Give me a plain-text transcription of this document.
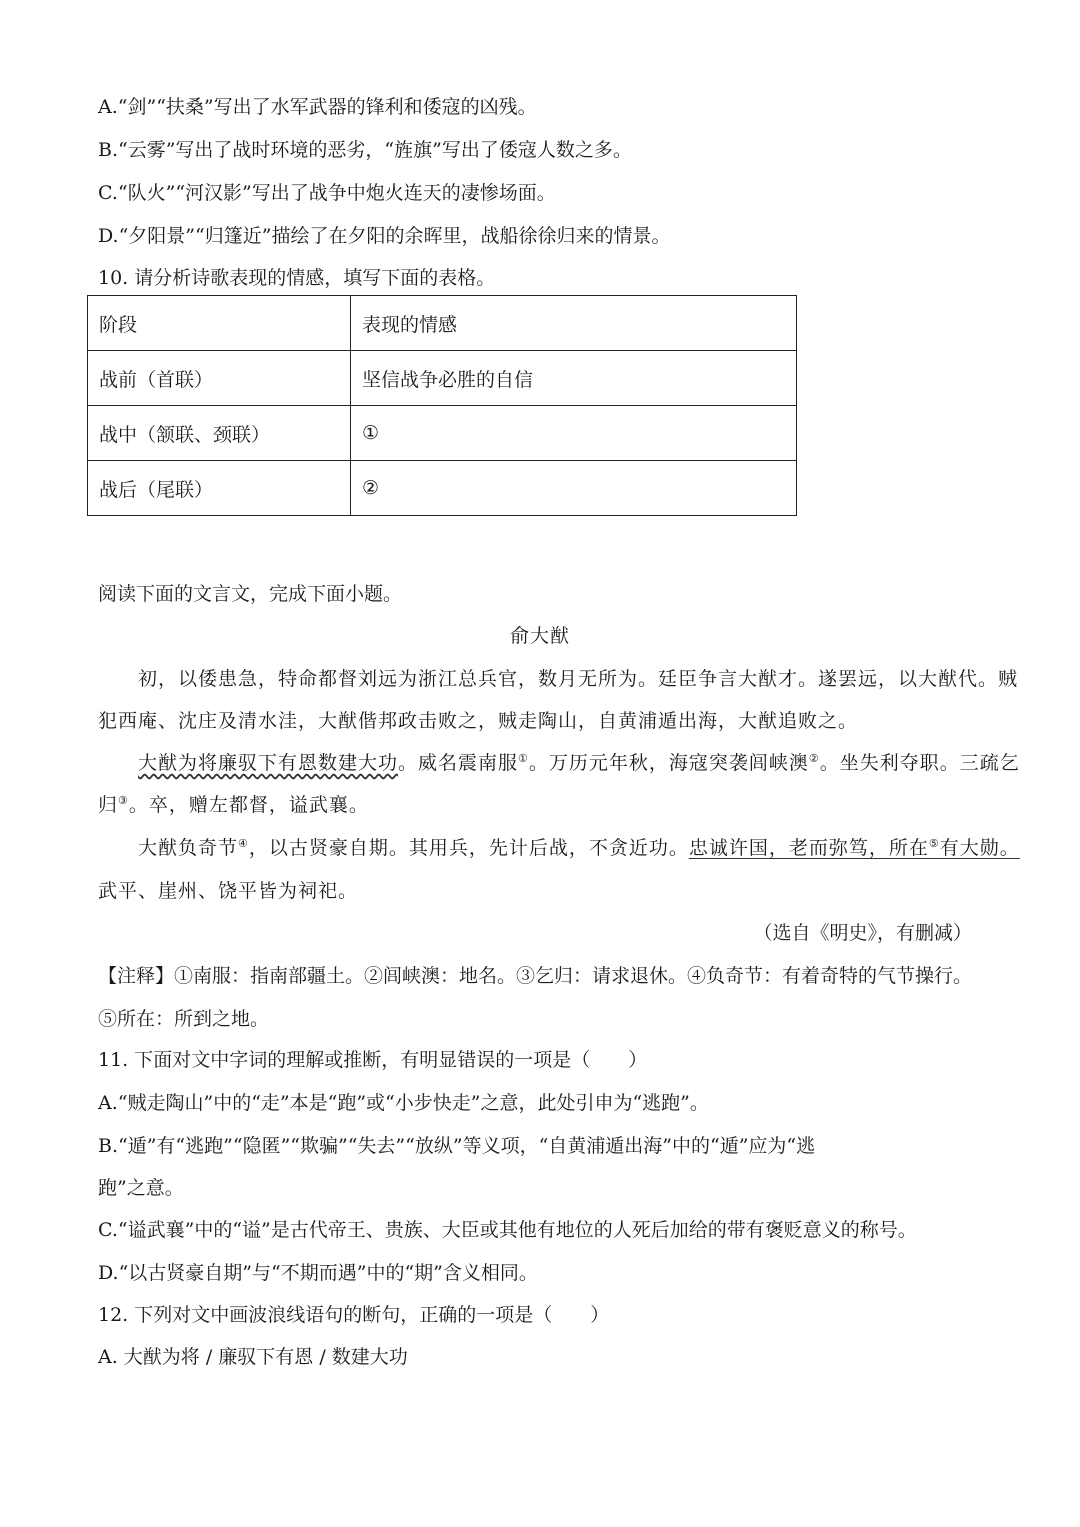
A.“剑”“扶桑”写出了水军武器的锋利和倭寇的凶残。
B.“云雾”写出了战时环境的恶劣，“旌旗”写出了倭寇人数之多。
C.“队火”“河汉影”写出了战争中炮火连天的凄惨场面。
D.“夕阳景”“归篷近”描绘了在夕阳的余晖里，战船徐徐归来的情景。
10. 请分析诗歌表现的情感，填写下面的表格。
阶段	表现的情感
战前（首联）	坚信战争必胜的自信
战中（颔联、颈联）	①
战后（尾联）	②
阅读下面的文言文，完成下面小题。
俞大猷
初，以倭患急，特命都督刘远为浙江总兵官，数月无所为。廷臣争言大猷才。遂罢远，以大猷代。贼
犯西庵、沈庄及清水洼，大猷偕邦政击败之，贼走陶山，自黄浦遁出海，大猷追败之。
大猷为将廉驭下有恩数建大功。威名震南服①。万历元年秋，海寇突袭闾峡澳②。坐失利夺职。三疏乞
归③。卒，赠左都督，谥武襄。
大猷负奇节④，以古贤豪自期。其用兵，先计后战，不贪近功。忠诚许国，老而弥笃，所在⑤有大勋。
武平、崖州、饶平皆为祠祀。
（选自《明史》，有删减）
【注释】①南服：指南部疆土。②闾峡澳：地名。③乞归：请求退休。④负奇节：有着奇特的气节操行。
⑤所在：所到之地。
11. 下面对文中字词的理解或推断，有明显错误的一项是（　　）
A.“贼走陶山”中的“走”本是“跑”或“小步快走”之意，此处引申为“逃跑”。
B.“遁”有“逃跑”“隐匿”“欺骗”“失去”“放纵”等义项，“自黄浦遁出海”中的“遁”应为“逃
跑”之意。
C.“谥武襄”中的“谥”是古代帝王、贵族、大臣或其他有地位的人死后加给的带有褒贬意义的称号。
D.“以古贤豪自期”与“不期而遇”中的“期”含义相同。
12. 下列对文中画波浪线语句的断句，正确的一项是（　　）
A. 大猷为将 / 廉驭下有恩 / 数建大功
